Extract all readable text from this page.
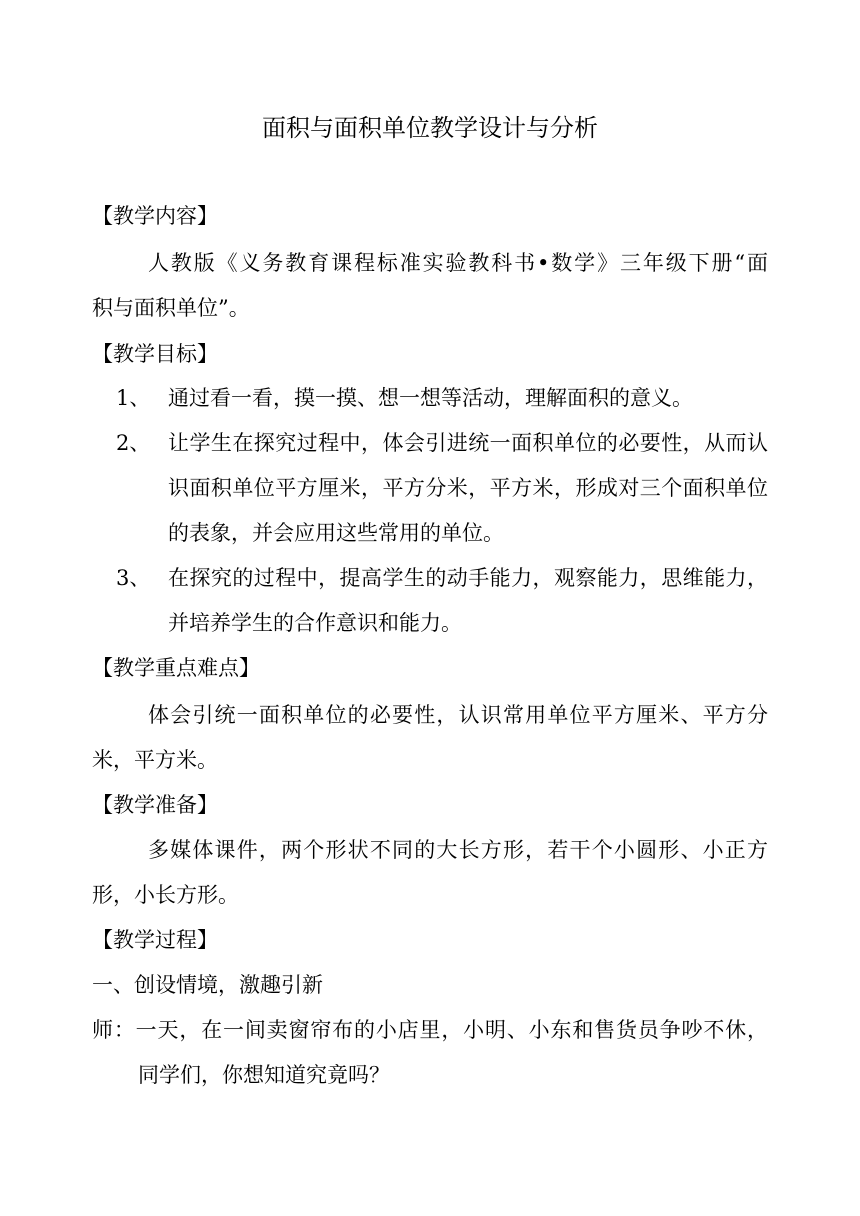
面积与面积单位教学设计与分析
【教学内容】
人教版《义务教育课程标准实验教科书•数学》三年级下册“面
积与面积单位”。
【教学目标】
1、 通过看一看，摸一摸、想一想等活动，理解面积的意义。
2、 让学生在探究过程中，体会引进统一面积单位的必要性，从而认
识面积单位平方厘米，平方分米，平方米，形成对三个面积单位
的表象，并会应用这些常用的单位。
3、 在探究的过程中，提高学生的动手能力，观察能力，思维能力，
并培养学生的合作意识和能力。
【教学重点难点】
体会引统一面积单位的必要性，认识常用单位平方厘米、平方分
米，平方米。
【教学准备】
多媒体课件，两个形状不同的大长方形，若干个小圆形、小正方
形，小长方形。
【教学过程】
一、创设情境，激趣引新
师：一天，在一间卖窗帘布的小店里，小明、小东和售货员争吵不休，
同学们，你想知道究竟吗？
